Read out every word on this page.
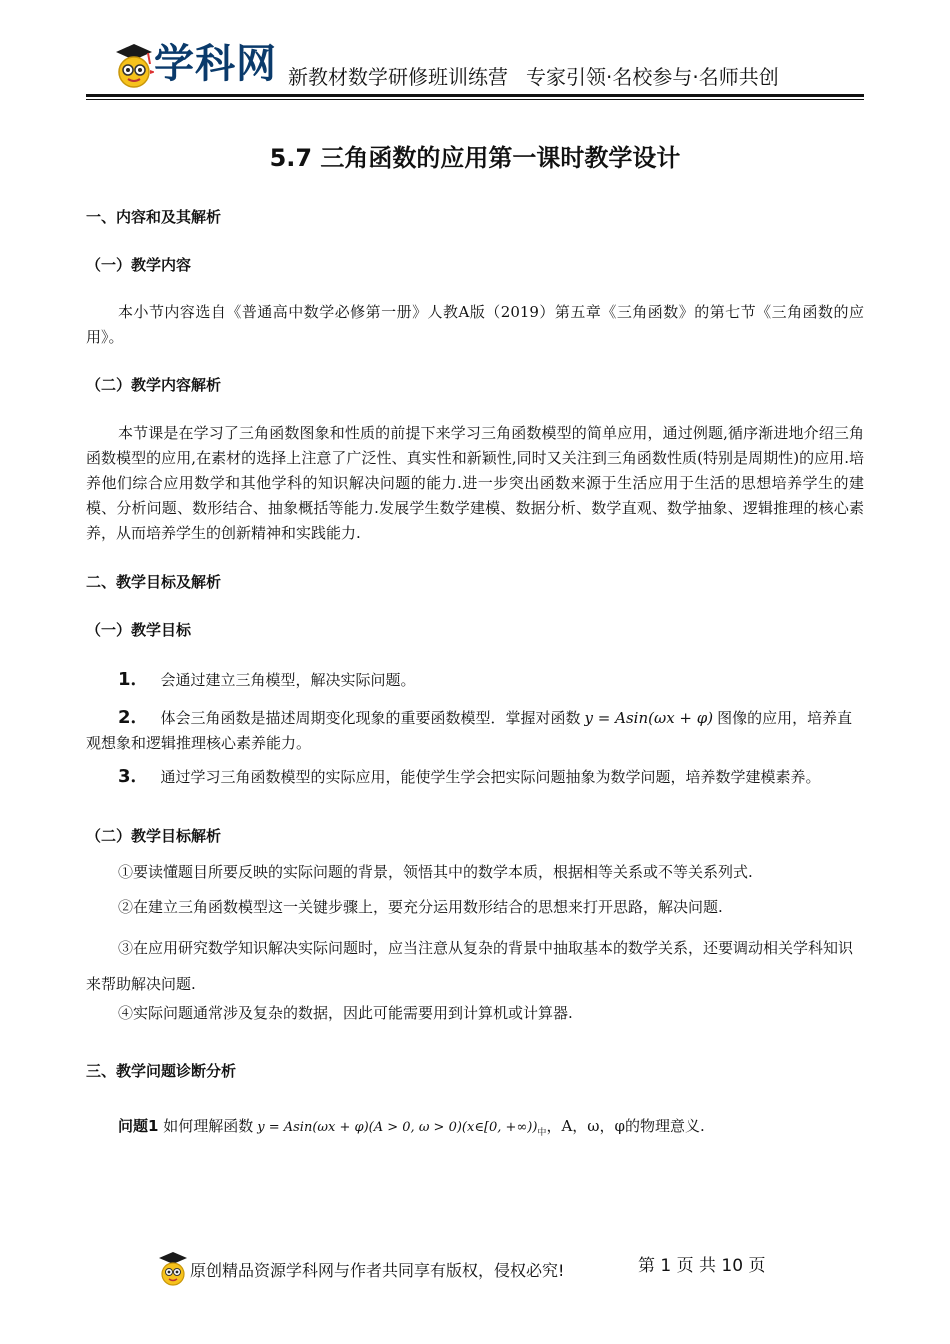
学科网 新教材数学研修班训练营 专家引领·名校参与·名师共创
5.7 三角函数的应用第一课时教学设计
一、内容和及其解析
（一）教学内容
本小节内容选自《普通高中数学必修第一册》人教A版（2019）第五章《三角函数》的第七节《三角函数的应用》。
（二）教学内容解析
本节课是在学习了三角函数图象和性质的前提下来学习三角函数模型的简单应用，通过例题,循序渐进地介绍三角函数模型的应用,在素材的选择上注意了广泛性、真实性和新颖性,同时又关注到三角函数性质(特别是周期性)的应用.培养他们综合应用数学和其他学科的知识解决问题的能力.进一步突出函数来源于生活应用于生活的思想培养学生的建模、分析问题、数形结合、抽象概括等能力.发展学生数学建模、数据分析、数学直观、数学抽象、逻辑推理的核心素养，从而培养学生的创新精神和实践能力.
二、教学目标及解析
（一）教学目标
1． 会通过建立三角模型，解决实际问题。
2． 体会三角函数是描述周期变化现象的重要函数模型．掌握对函数 y = Asin(ωx + φ) 图像的应用，培养直观想象和逻辑推理核心素养能力。
3． 通过学习三角函数模型的实际应用，能使学生学会把实际问题抽象为数学问题，培养数学建模素养。
（二）教学目标解析
①要读懂题目所要反映的实际问题的背景，领悟其中的数学本质，根据相等关系或不等关系列式.
②在建立三角函数模型这一关键步骤上，要充分运用数形结合的思想来打开思路，解决问题.
③在应用研究数学知识解决实际问题时，应当注意从复杂的背景中抽取基本的数学关系，还要调动相关学科知识来帮助解决问题.
④实际问题通常涉及复杂的数据，因此可能需要用到计算机或计算器.
三、教学问题诊断分析
问题1 如何理解函数 y = Asin(ωx + φ)(A > 0, ω > 0)(x∈[0, $+\infty))_中$，A，ω，φ的物理意义.
原创精品资源学科网与作者共同享有版权，侵权必究!	第 1 页 共 10 页
